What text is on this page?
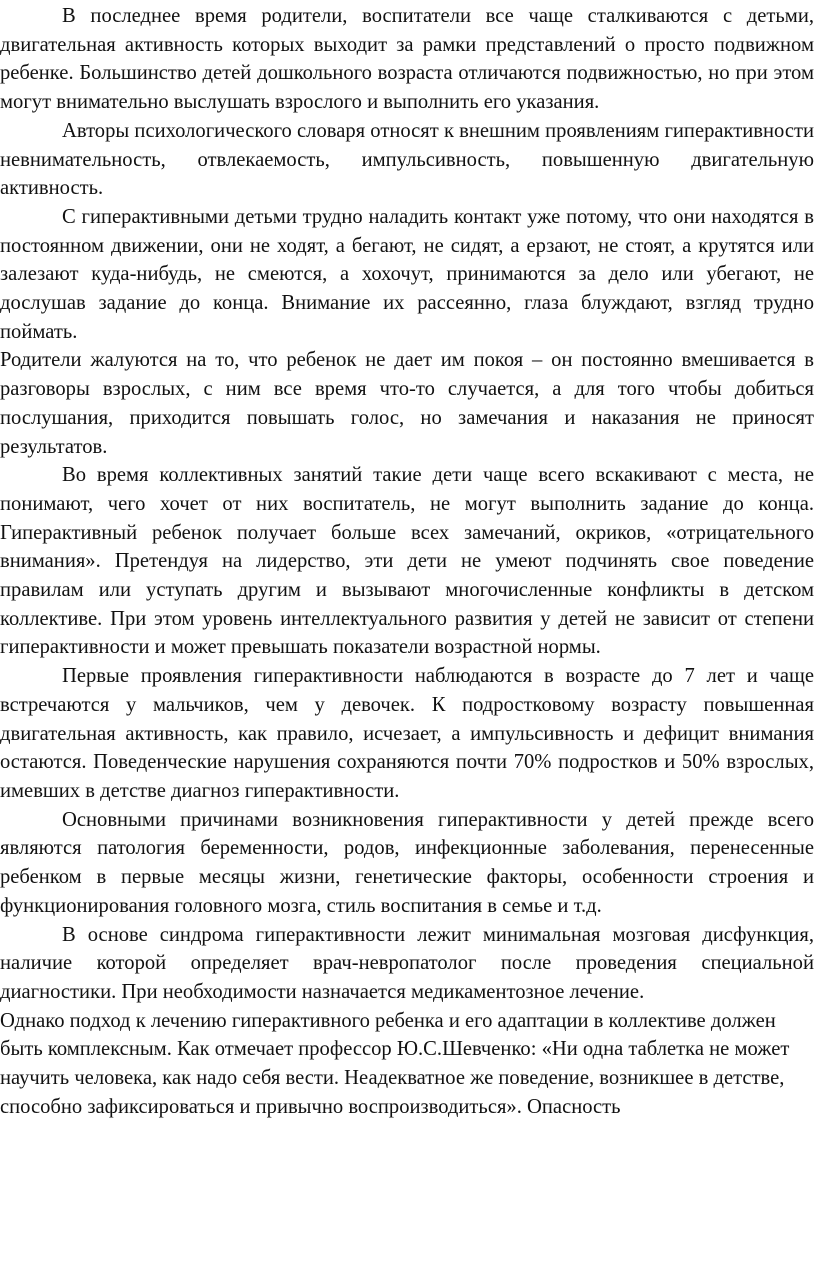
В последнее время родители, воспитатели все чаще сталкиваются с детьми, двигательная активность которых выходит за рамки представлений о просто подвижном ребенке. Большинство детей дошкольного возраста отличаются подвижностью, но при этом могут внимательно выслушать взрослого и выполнить его указания.

Авторы психологического словаря относят к внешним проявлениям гиперактивности невнимательность, отвлекаемость, импульсивность, повышенную двигательную активность.

С гиперактивными детьми трудно наладить контакт уже потому, что они находятся в постоянном движении, они не ходят, а бегают, не сидят, а ерзают, не стоят, а крутятся или залезают куда-нибудь, не смеются, а хохочут, принимаются за дело или убегают, не дослушав задание до конца. Внимание их рассеянно, глаза блуждают, взгляд трудно поймать.

Родители жалуются на то, что ребенок не дает им покоя – он постоянно вмешивается в разговоры взрослых, с ним все время что-то случается, а для того чтобы добиться послушания, приходится повышать голос, но замечания и наказания не приносят результатов.

Во время коллективных занятий такие дети чаще всего вскакивают с места, не понимают, чего хочет от них воспитатель, не могут выполнить задание до конца. Гиперактивный ребенок получает больше всех замечаний, окриков, «отрицательного внимания». Претендуя на лидерство, эти дети не умеют подчинять свое поведение правилам или уступать другим и вызывают многочисленные конфликты в детском коллективе. При этом уровень интеллектуального развития у детей не зависит от степени гиперактивности и может превышать показатели возрастной нормы.

Первые проявления гиперактивности наблюдаются в возрасте до 7 лет и чаще встречаются у мальчиков, чем у девочек. К подростковому возрасту повышенная двигательная активность, как правило, исчезает, а импульсивность и дефицит внимания остаются. Поведенческие нарушения сохраняются почти 70% подростков и 50% взрослых, имевших в детстве диагноз гиперактивности.

Основными причинами возникновения гиперактивности у детей прежде всего являются патология беременности, родов, инфекционные заболевания, перенесенные ребенком в первые месяцы жизни, генетические факторы, особенности строения и функционирования головного мозга, стиль воспитания в семье и т.д.

В основе синдрома гиперактивности лежит минимальная мозговая дисфункция, наличие которой определяет врач-невропатолог после проведения специальной диагностики. При необходимости назначается медикаментозное лечение.

Однако подход к лечению гиперактивного ребенка и его адаптации в коллективе должен быть комплексным. Как отмечает профессор Ю.С.Шевченко: «Ни одна таблетка не может научить человека, как надо себя вести. Неадекватное же поведение, возникшее в детстве, способно зафиксироваться и привычно воспроизводиться». Опасность
